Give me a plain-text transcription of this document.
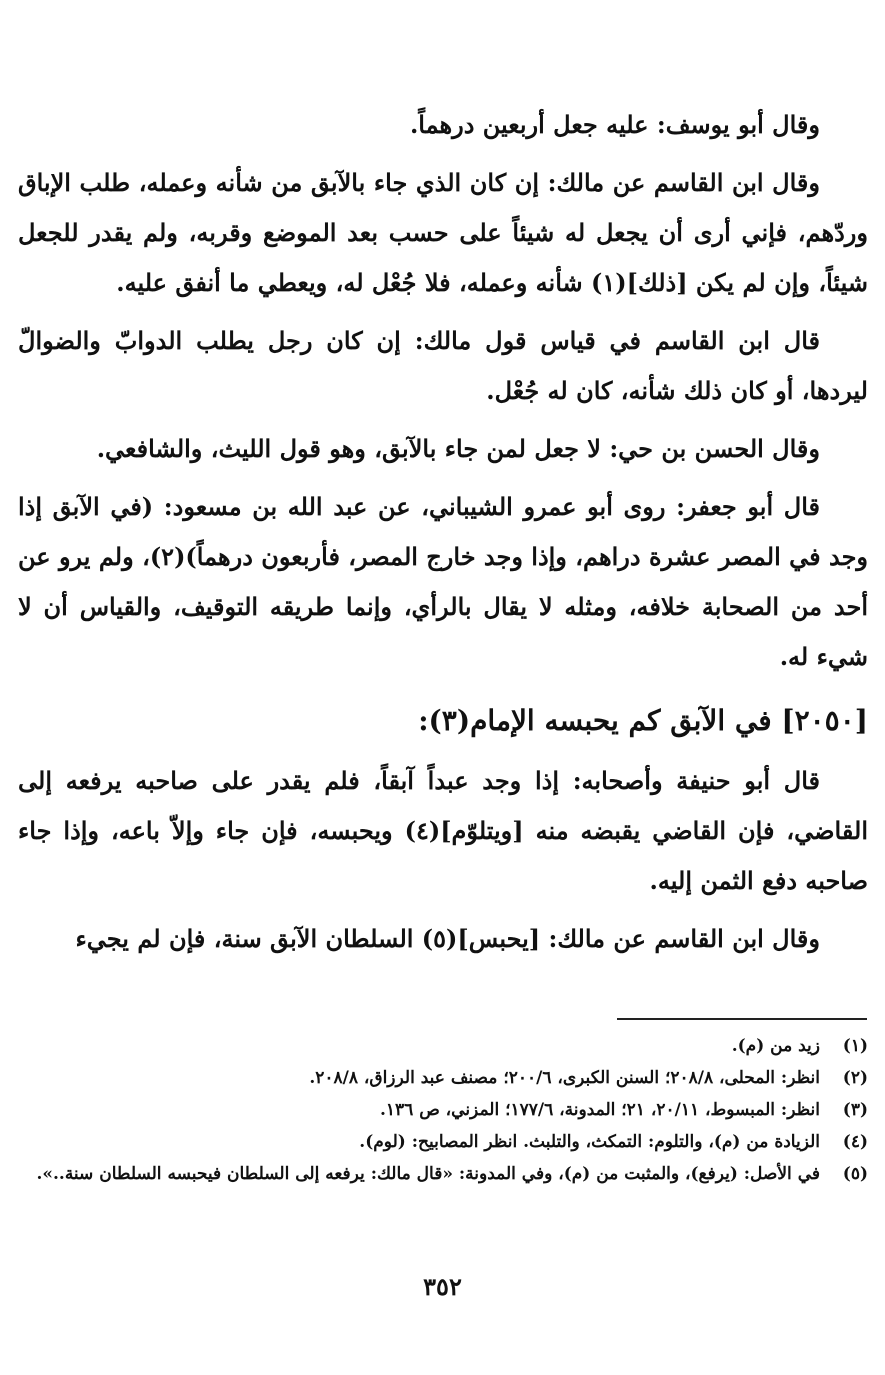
وقال أبو يوسف: عليه جعل أربعين درهماً.

وقال ابن القاسم عن مالك: إن كان الذي جاء بالآبق من شأنه وعمله، طلب الإباق وردّهم، فإني أرى أن يجعل له شيئاً على حسب بعد الموضع وقربه، ولم يقدر للجعل شيئاً، وإن لم يكن [ذلك](١) شأنه وعمله، فلا جُعْل له، ويعطي ما أنفق عليه.

قال ابن القاسم في قياس قول مالك: إن كان رجل يطلب الدوابّ والضوالّ ليردها، أو كان ذلك شأنه، كان له جُعْل.

وقال الحسن بن حي: لا جعل لمن جاء بالآبق، وهو قول الليث، والشافعي.

قال أبو جعفر: روى أبو عمرو الشيباني، عن عبد الله بن مسعود: (في الآبق إذا وجد في المصر عشرة دراهم، وإذا وجد خارج المصر، فأربعون درهماً)(٢)، ولم يرو عن أحد من الصحابة خلافه، ومثله لا يقال بالرأي، وإنما طريقه التوقيف، والقياس أن لا شيء له.

[٢٠٥٠] في الآبق كم يحبسه الإمام(٣):

قال أبو حنيفة وأصحابه: إذا وجد عبداً آبقاً، فلم يقدر على صاحبه يرفعه إلى القاضي، فإن القاضي يقبضه منه [ويتلوّم](٤) ويحبسه، فإن جاء وإلاّ باعه، وإذا جاء صاحبه دفع الثمن إليه.

وقال ابن القاسم عن مالك: [يحبس](٥) السلطان الآبق سنة، فإن لم يجيء

(١)
زيد من (م).
(٢)
انظر: المحلى، ٢٠٨/٨؛ السنن الكبرى، ٢٠٠/٦؛ مصنف عبد الرزاق، ٢٠٨/٨.
(٣)
انظر: المبسوط، ٢٠/١١، ٢١؛ المدونة، ١٧٧/٦؛ المزني، ص ١٣٦.
(٤)
الزيادة من (م)، والتلوم: التمكث، والتلبث. انظر المصابيح: (لوم).
(٥)
في الأصل: (يرفع)، والمثبت من (م)، وفي المدونة: «قال مالك: يرفعه إلى السلطان فيحبسه السلطان سنة..».
٣٥٢
